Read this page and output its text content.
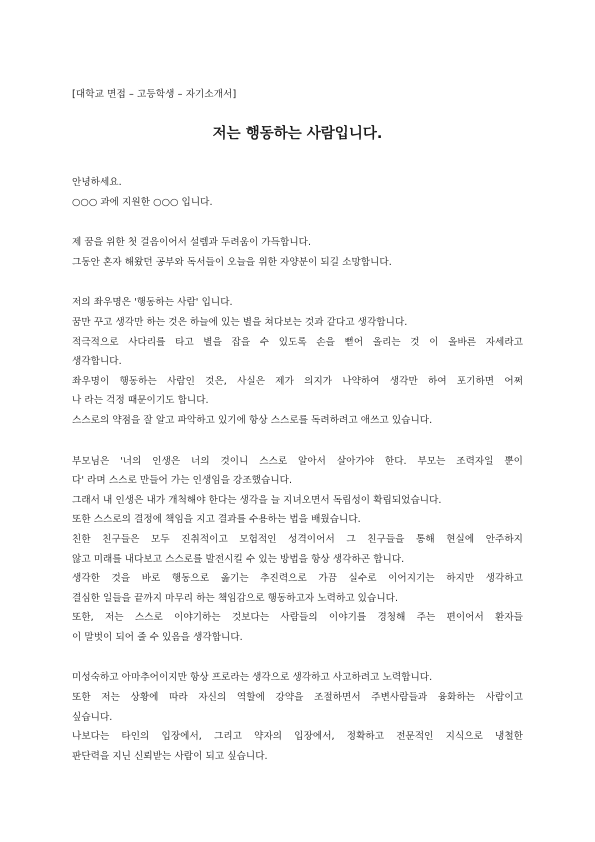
[대학교 면접 – 고등학생 – 자기소개서]
저는 행동하는 사람입니다.
안녕하세요.
○○○ 과에 지원한 ○○○ 입니다.
제 꿈을 위한 첫 걸음이어서 설렘과 두려움이 가득합니다.
그동안 혼자 해왔던 공부와 독서들이 오늘을 위한 자양분이 되길 소망합니다.
저의 좌우명은 '행동하는 사람' 입니다.
꿈만 꾸고 생각만 하는 것은 하늘에 있는 별을 쳐다보는 것과 같다고 생각합니다.
적극적으로 사다리를 타고 별을 잡을 수 있도록 손을 뻗어 올리는 것 이 올바른 자세라고
생각합니다.
좌우명이 행동하는 사람인 것은, 사실은 제가 의지가 나약하여 생각만 하여 포기하면 어쩌
나 라는 걱정 때문이기도 합니다.
스스로의 약점을 잘 알고 파악하고 있기에 항상 스스로를 독려하려고 애쓰고 있습니다.
부모님은 '너의 인생은 너의 것이니 스스로 알아서 살아가야 한다. 부모는 조력자일 뿐이
다' 라며 스스로 만들어 가는 인생임을 강조했습니다.
그래서 내 인생은 내가 개척해야 한다는 생각을 늘 지녀오면서 독립성이 확립되었습니다.
또한 스스로의 결정에 책임을 지고 결과를 수용하는 법을 배웠습니다.
친한 친구들은 모두 진취적이고 모험적인 성격이어서 그 친구들을 통해 현실에 안주하지
않고 미래를 내다보고 스스로를 발전시킬 수 있는 방법을 항상 생각하곤 합니다.
생각한 것을 바로 행동으로 옮기는 추진력으로 가끔 실수로 이어지기는 하지만 생각하고
결심한 일들을 끝까지 마무리 하는 책임감으로 행동하고자 노력하고 있습니다.
또한, 저는 스스로 이야기하는 것보다는 사람들의 이야기를 경청해 주는 편이어서 환자들
이 말벗이 되어 줄 수 있음을 생각합니다.
미성숙하고 아마추어이지만 항상 프로라는 생각으로 생각하고 사고하려고 노력합니다.
또한 저는 상황에 따라 자신의 역할에 강약을 조절하면서 주변사람들과 융화하는 사람이고
싶습니다.
나보다는 타인의 입장에서, 그리고 약자의 입장에서, 정확하고 전문적인 지식으로 냉철한
판단력을 지닌 신뢰받는 사람이 되고 싶습니다.
